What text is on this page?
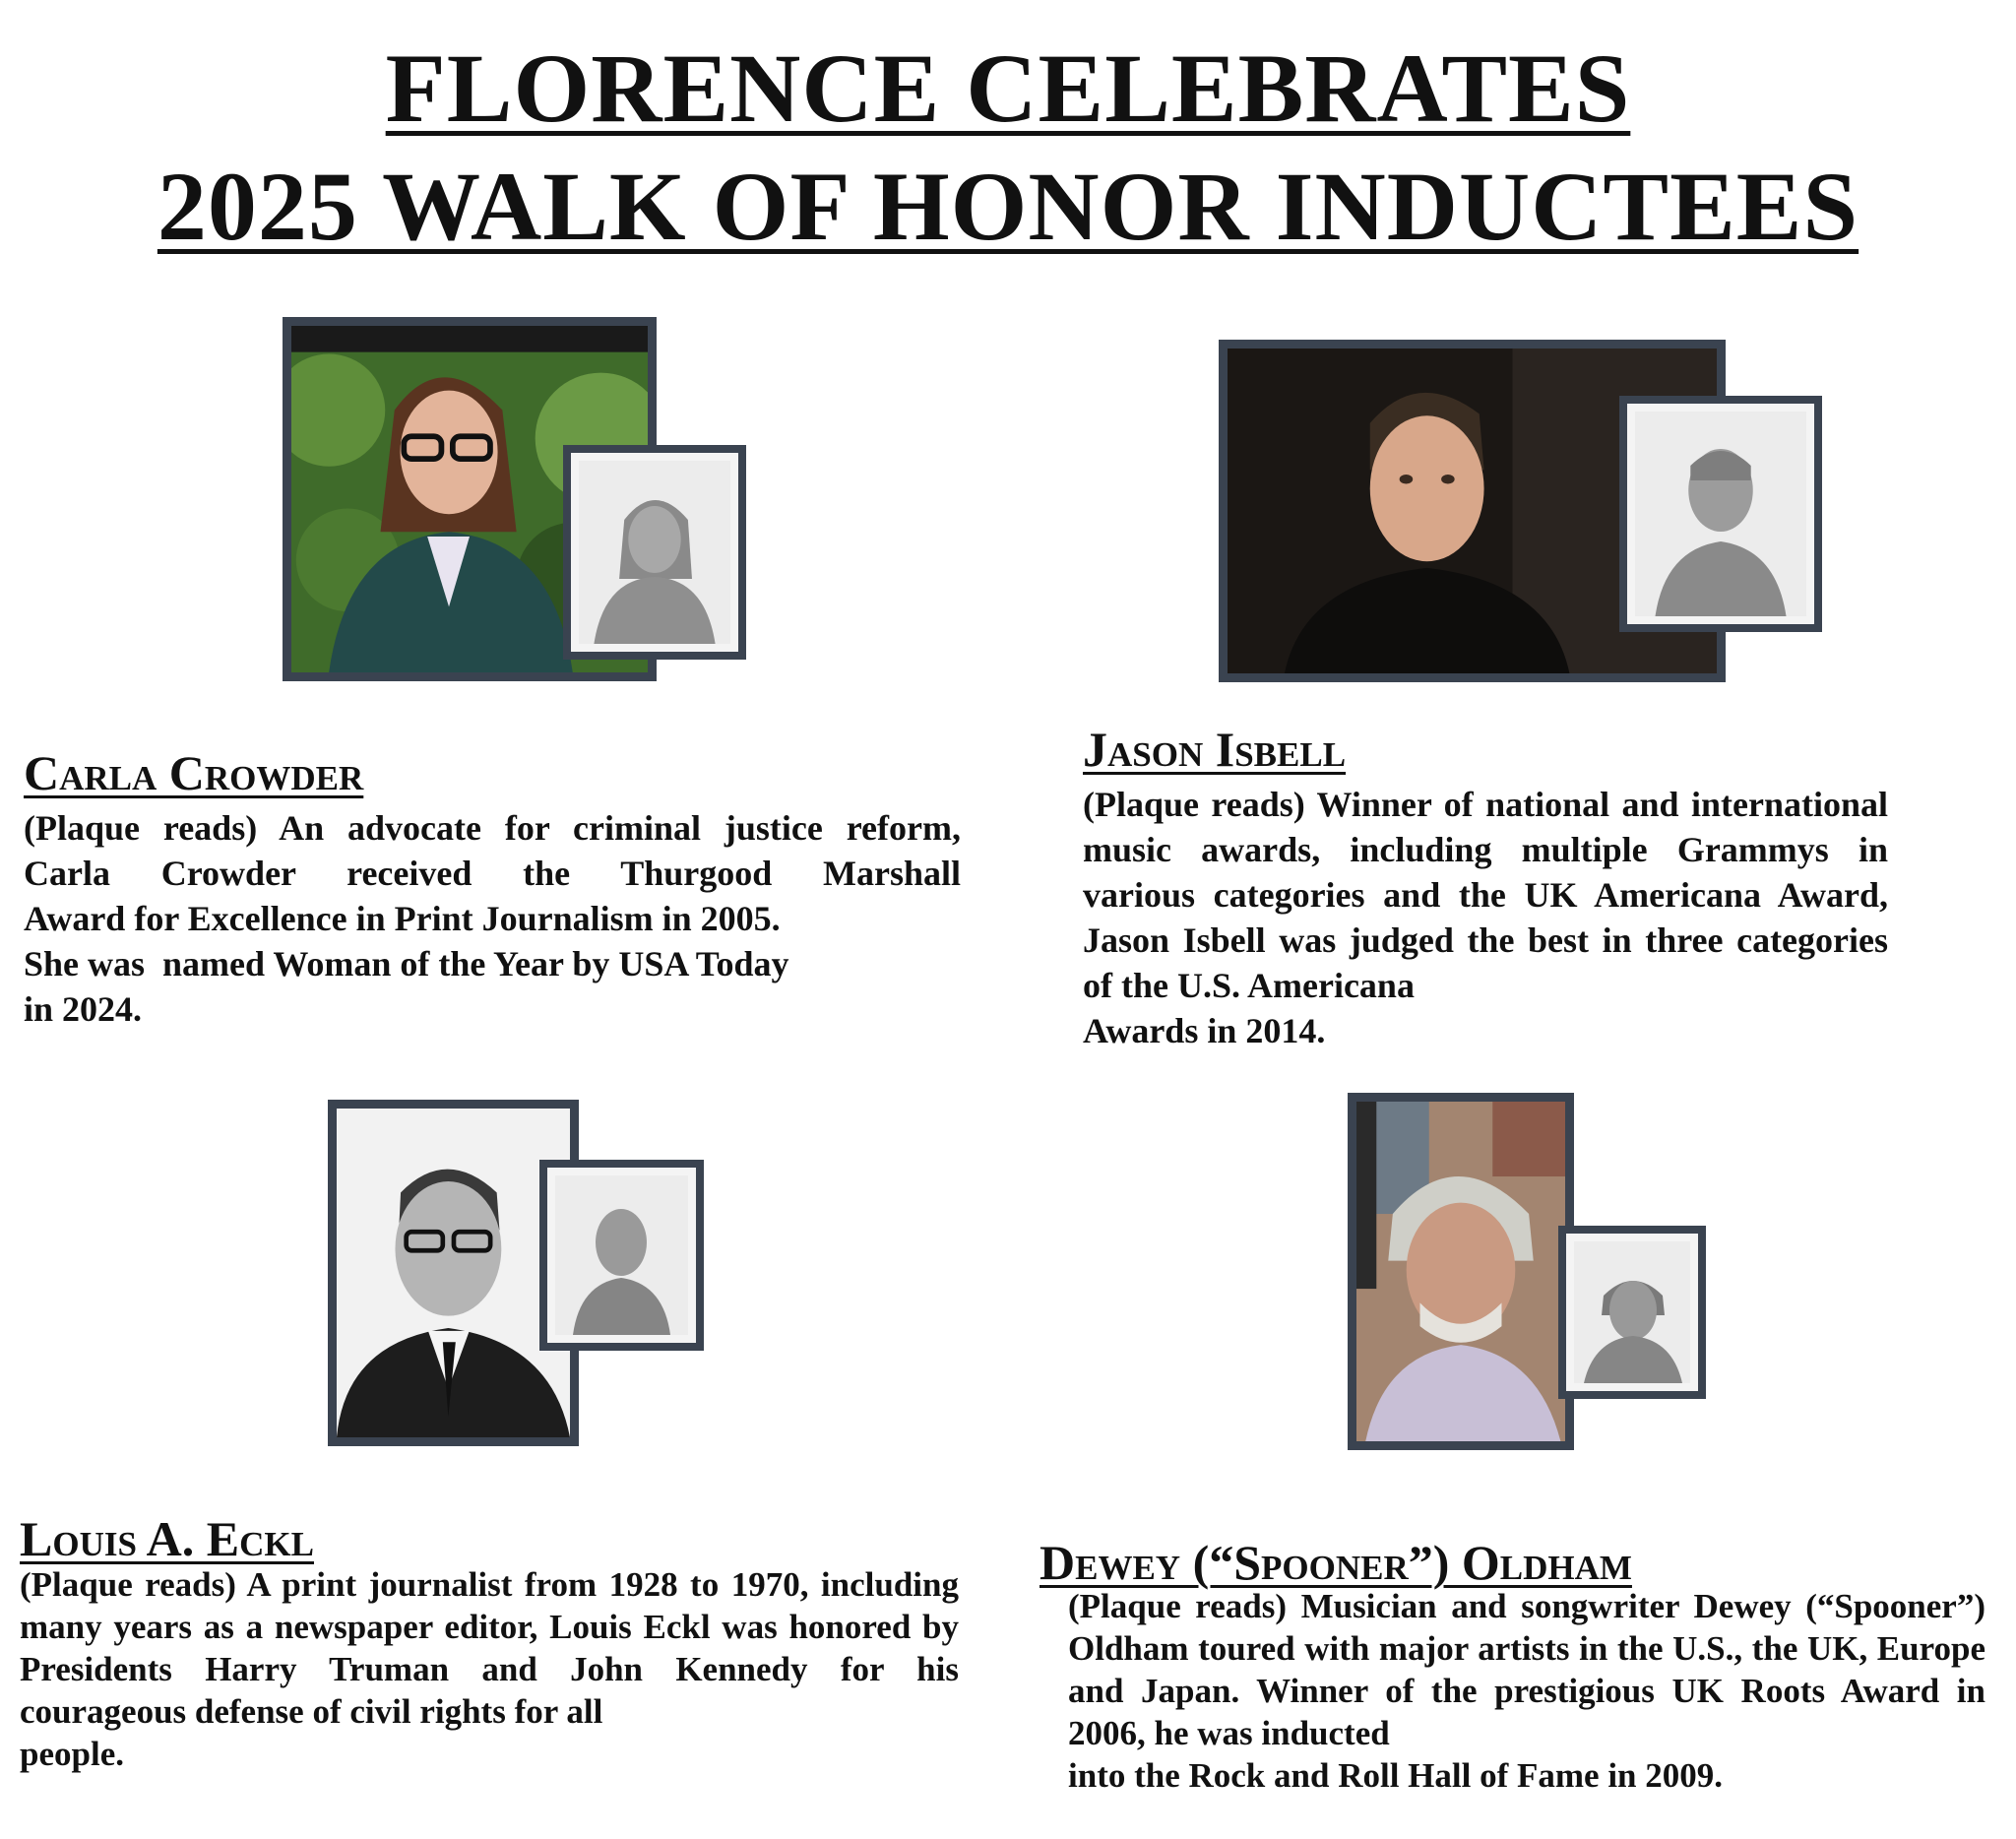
FLORENCE CELEBRATES
2025 WALK OF HONOR INDUCTEES
Carla Crowder
(Plaque reads) An advocate for criminal justice reform,
Carla Crowder received the Thurgood Marshall
Award for Excellence in Print Journalism in 2005.
She was  named Woman of the Year by USA Today
in 2024.
Jason Isbell
(Plaque reads) Winner of national and international music awards, including multiple Grammys in various categories and the UK Americana Award, Jason Isbell was judged the best in three categories of the U.S. Americana
Awards in 2014.
Louis A. Eckl
(Plaque reads) A print journalist from 1928 to 1970, including many years as a newspaper editor, Louis Eckl was honored by Presidents Harry Truman and John Kennedy for his courageous defense of civil rights for all
people.
Dewey (“Spooner”) Oldham
(Plaque reads) Musician and songwriter Dewey (“Spooner”) Oldham toured with major artists in the U.S., the UK, Europe and Japan. Winner of the prestigious UK Roots Award in 2006, he was inducted
into the Rock and Roll Hall of Fame in 2009.
